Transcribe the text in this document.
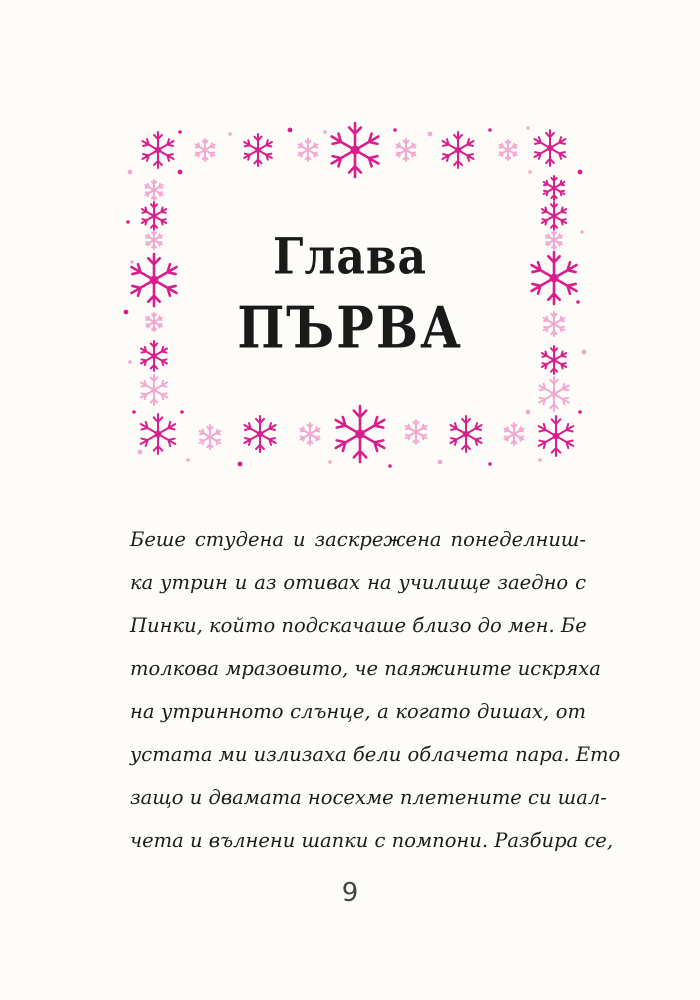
Глава
ПЪРВА
Беше студена и заскрежена понеделниш-
ка утрин и аз отивах на училище заедно с
Пинки, който подскачаше близо до мен. Бе
толкова мразовито, че паяжините искряха
на утринното слънце, а когато дишах, от
устата ми излизаха бели облачета пара. Ето
защо и двамата носехме плетените си шал-
чета и вълнени шапки с помпони. Разбира се,
9
